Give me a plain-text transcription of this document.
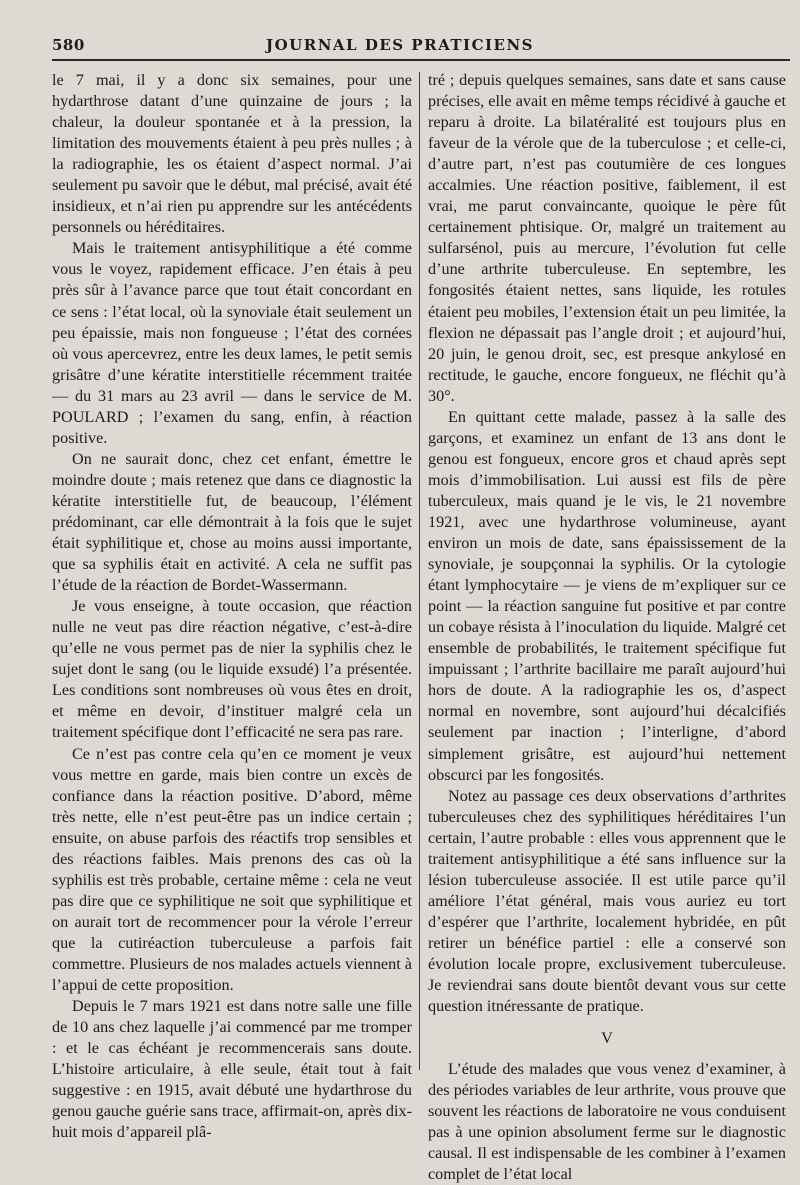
580	JOURNAL DES PRATICIENS

le 7 mai, il y a donc six semaines, pour une hydarthrose datant d’une quinzaine de jours ; la chaleur, la douleur spontanée et à la pression, la limitation des mouvements étaient à peu près nulles ; à la radiographie, les os étaient d’aspect normal. J’ai seulement pu savoir que le début, mal précisé, avait été insidieux, et n’ai rien pu apprendre sur les antécédents personnels ou héréditaires.

Mais le traitement antisyphilitique a été comme vous le voyez, rapidement efficace. J’en étais à peu près sûr à l’avance parce que tout était concordant en ce sens : l’état local, où la synoviale était seulement un peu épaissie, mais non fongueuse ; l’état des cornées où vous apercevrez, entre les deux lames, le petit semis grisâtre d’une kératite interstitielle récemment traitée — du 31 mars au 23 avril — dans le service de M. POULARD ; l’examen du sang, enfin, à réaction positive.

On ne saurait donc, chez cet enfant, émettre le moindre doute ; mais retenez que dans ce diagnostic la kératite interstitielle fut, de beaucoup, l’élément prédominant, car elle démontrait à la fois que le sujet était syphilitique et, chose au moins aussi importante, que sa syphilis était en activité. A cela ne suffit pas l’étude de la réaction de Bordet-Wassermann.

Je vous enseigne, à toute occasion, que réaction nulle ne veut pas dire réaction négative, c’est-à-dire qu’elle ne vous permet pas de nier la syphilis chez le sujet dont le sang (ou le liquide exsudé) l’a présentée. Les conditions sont nombreuses où vous êtes en droit, et même en devoir, d’instituer malgré cela un traitement spécifique dont l’efficacité ne sera pas rare.

Ce n’est pas contre cela qu’en ce moment je veux vous mettre en garde, mais bien contre un excès de confiance dans la réaction positive. D’abord, même très nette, elle n’est peut-être pas un indice certain ; ensuite, on abuse parfois des réactifs trop sensibles et des réactions faibles. Mais prenons des cas où la syphilis est très probable, certaine même : cela ne veut pas dire que ce syphilitique ne soit que syphilitique et on aurait tort de recommencer pour la vérole l’erreur que la cutiréaction tuberculeuse a parfois fait commettre. Plusieurs de nos malades actuels viennent à l’appui de cette proposition.

Depuis le 7 mars 1921 est dans notre salle une fille de 10 ans chez laquelle j’ai commencé par me tromper : et le cas échéant je recommencerais sans doute. L’histoire articulaire, à elle seule, était tout à fait suggestive : en 1915, avait débuté une hydarthrose du genou gauche guérie sans trace, affirmait-on, après dix-huit mois d’appareil plâ-

tré ; depuis quelques semaines, sans date et sans cause précises, elle avait en même temps récidivé à gauche et reparu à droite. La bilatéralité est toujours plus en faveur de la vérole que de la tuberculose ; et celle-ci, d’autre part, n’est pas coutumière de ces longues accalmies. Une réaction positive, faiblement, il est vrai, me parut convaincante, quoique le père fût certainement phtisique. Or, malgré un traitement au sulfarsénol, puis au mercure, l’évolution fut celle d’une arthrite tuberculeuse. En septembre, les fongosités étaient nettes, sans liquide, les rotules étaient peu mobiles, l’extension était un peu limitée, la flexion ne dépassait pas l’angle droit ; et aujourd’hui, 20 juin, le genou droit, sec, est presque ankylosé en rectitude, le gauche, encore fongueux, ne fléchit qu’à 30°.

En quittant cette malade, passez à la salle des garçons, et examinez un enfant de 13 ans dont le genou est fongueux, encore gros et chaud après sept mois d’immobilisation. Lui aussi est fils de père tuberculeux, mais quand je le vis, le 21 novembre 1921, avec une hydarthrose volumineuse, ayant environ un mois de date, sans épaississement de la synoviale, je soupçonnai la syphilis. Or la cytologie étant lymphocytaire — je viens de m’expliquer sur ce point — la réaction sanguine fut positive et par contre un cobaye résista à l’inoculation du liquide. Malgré cet ensemble de probabilités, le traitement spécifique fut impuissant ; l’arthrite bacillaire me paraît aujourd’hui hors de doute. A la radiographie les os, d’aspect normal en novembre, sont aujourd’hui décalcifiés seulement par inaction ; l’interligne, d’abord simplement grisâtre, est aujourd’hui nettement obscurci par les fongosités.

Notez au passage ces deux observations d’arthrites tuberculeuses chez des syphilitiques héréditaires l’un certain, l’autre probable : elles vous apprennent que le traitement antisyphilitique a été sans influence sur la lésion tuberculeuse associée. Il est utile parce qu’il améliore l’état général, mais vous auriez eu tort d’espérer que l’arthrite, localement hybridée, en pût retirer un bénéfice partiel : elle a conservé son évolution locale propre, exclusivement tuberculeuse. Je reviendrai sans doute bientôt devant vous sur cette question itnéressante de pratique.

V

L’étude des malades que vous venez d’examiner, à des périodes variables de leur arthrite, vous prouve que souvent les réactions de laboratoire ne vous conduisent pas à une opinion absolument ferme sur le diagnostic causal. Il est indispensable de les combiner à l’examen complet de l’état local
